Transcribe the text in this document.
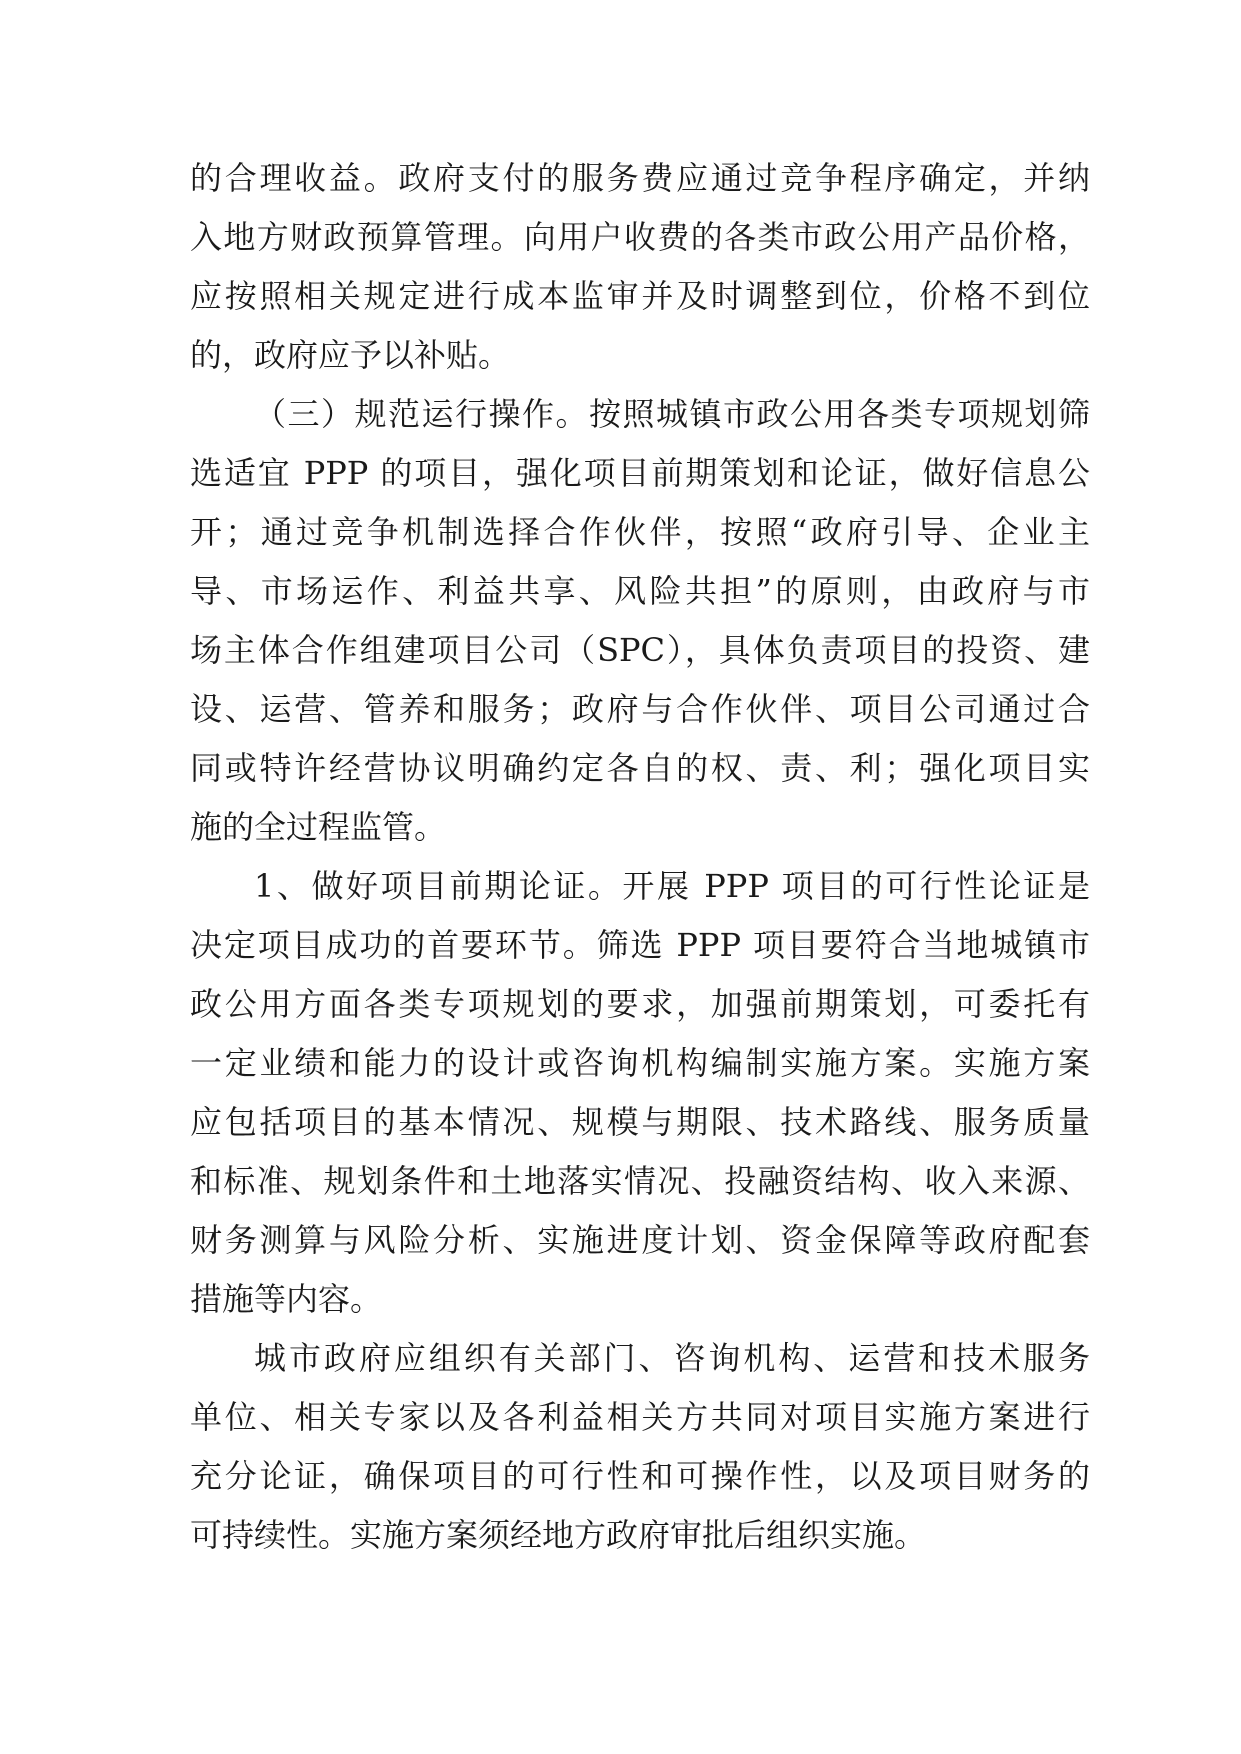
的合理收益。政府支付的服务费应通过竞争程序确定，并纳
入地方财政预算管理。向用户收费的各类市政公用产品价格，
应按照相关规定进行成本监审并及时调整到位，价格不到位
的，政府应予以补贴。
（三）规范运行操作。按照城镇市政公用各类专项规划筛
选适宜 PPP 的项目，强化项目前期策划和论证，做好信息公
开；通过竞争机制选择合作伙伴，按照“政府引导、企业主
导、市场运作、利益共享、风险共担”的原则，由政府与市
场主体合作组建项目公司（SPC），具体负责项目的投资、建
设、运营、管养和服务；政府与合作伙伴、项目公司通过合
同或特许经营协议明确约定各自的权、责、利；强化项目实
施的全过程监管。
1、做好项目前期论证。开展 PPP 项目的可行性论证是
决定项目成功的首要环节。筛选 PPP 项目要符合当地城镇市
政公用方面各类专项规划的要求，加强前期策划，可委托有
一定业绩和能力的设计或咨询机构编制实施方案。实施方案
应包括项目的基本情况、规模与期限、技术路线、服务质量
和标准、规划条件和土地落实情况、投融资结构、收入来源、
财务测算与风险分析、实施进度计划、资金保障等政府配套
措施等内容。
城市政府应组织有关部门、咨询机构、运营和技术服务
单位、相关专家以及各利益相关方共同对项目实施方案进行
充分论证，确保项目的可行性和可操作性，以及项目财务的
可持续性。实施方案须经地方政府审批后组织实施。
